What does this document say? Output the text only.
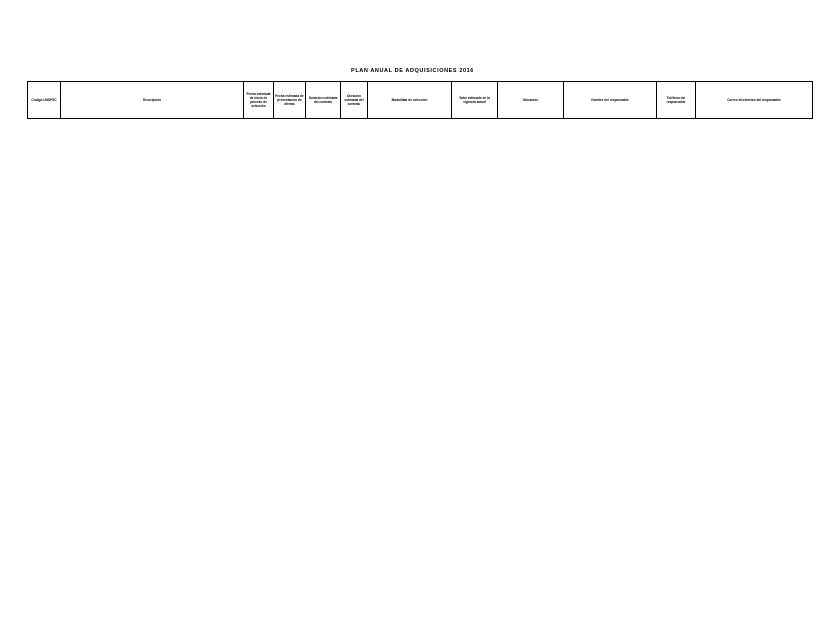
PLAN ANUAL DE ADQUISICIONES 2016
Código UNSPSC	Descripción	Fecha estimada de inicio de proceso de selección	Fecha estimada de presentación de ofertas	Duración estimada del contrato	Duración estimada del contrato	Modalidad de selección	Valor estimado en la vigencia actual	Ubicación	Nombre del responsable	Teléfono del responsable	Correo electrónico del responsable
